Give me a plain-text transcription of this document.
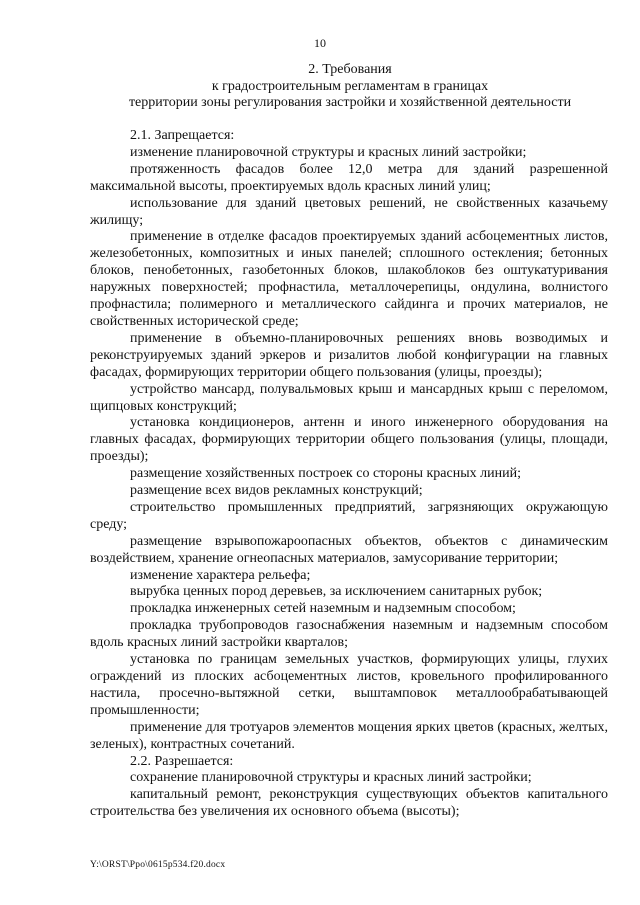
10
2. Требования
к градостроительным регламентам в границах
территории зоны регулирования застройки и хозяйственной деятельности

2.1. Запрещается:

изменение планировочной структуры и красных линий застройки;

протяженность фасадов более 12,0 метра для зданий разрешенной максимальной высоты, проектируемых вдоль красных линий улиц;

использование для зданий цветовых решений, не свойственных казачьему жилищу;

применение в отделке фасадов проектируемых зданий асбоцементных листов, железобетонных, композитных и иных панелей; сплошного остекления; бетонных блоков, пенобетонных, газобетонных блоков, шлакоблоков без оштукатуривания наружных поверхностей; профнастила, металлочерепицы, ондулина, волнистого профнастила; полимерного и металлического сайдинга и прочих материалов, не свойственных исторической среде;

применение в объемно-планировочных решениях вновь возводимых и реконструируемых зданий эркеров и ризалитов любой конфигурации на главных фасадах, формирующих территории общего пользования (улицы, проезды);

устройство мансард, полувальмовых крыш и мансардных крыш с переломом, щипцовых конструкций;

установка кондиционеров, антенн и иного инженерного оборудования на главных фасадах, формирующих территории общего пользования (улицы, площади, проезды);

размещение хозяйственных построек со стороны красных линий;

размещение всех видов рекламных конструкций;

строительство промышленных предприятий, загрязняющих окружающую среду;

размещение взрывопожароопасных объектов, объектов с динамическим воздействием, хранение огнеопасных материалов, замусоривание территории;

изменение характера рельефа;

вырубка ценных пород деревьев, за исключением санитарных рубок;

прокладка инженерных сетей наземным и надземным способом;

прокладка трубопроводов газоснабжения наземным и надземным способом вдоль красных линий застройки кварталов;

установка по границам земельных участков, формирующих улицы, глухих ограждений из плоских асбоцементных листов, кровельного профилированного настила, просечно-вытяжной сетки, выштамповок металлообрабатывающей промышленности;

применение для тротуаров элементов мощения ярких цветов (красных, желтых, зеленых), контрастных сочетаний.

2.2. Разрешается:

сохранение планировочной структуры и красных линий застройки;

капитальный ремонт, реконструкция существующих объектов капитального строительства без увеличения их основного объема (высоты);

Y:\ORST\Ppo\0615p534.f20.docx
